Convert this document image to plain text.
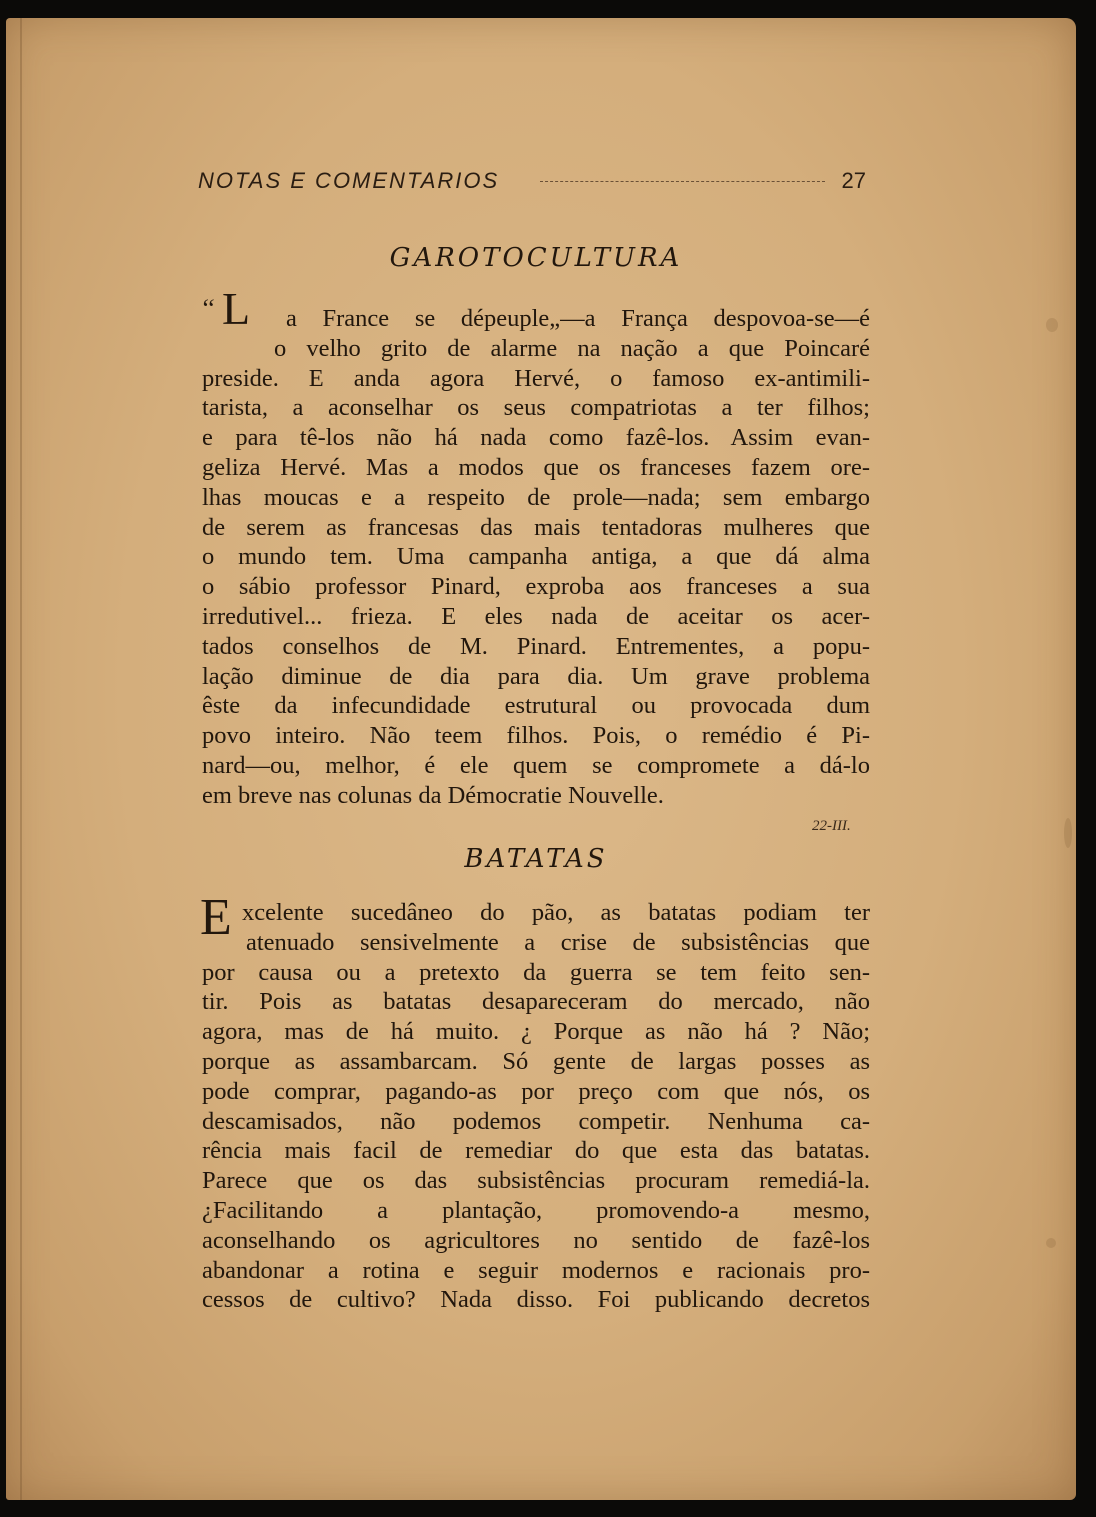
NOTAS E COMENTARIOS	27
GAROTOCULTURA
L
‘‘	a France se dépeuple„—a França despovoa-se—é
o velho grito de alarme na nação a que Poincaré
preside. E anda agora Hervé, o famoso ex-antimili-
tarista, a aconselhar os seus compatriotas a ter filhos;
e para tê-los não há nada como fazê-los. Assim evan-
geliza Hervé. Mas a modos que os franceses fazem ore-
lhas moucas e a respeito de prole—nada; sem embargo
de serem as francesas das mais tentadoras mulheres que
o mundo tem. Uma campanha antiga, a que dá alma
o sábio professor Pinard, exproba aos franceses a sua
irredutivel... frieza. E eles nada de aceitar os acer-
tados conselhos de M. Pinard. Entrementes, a popu-
lação diminue de dia para dia. Um grave problema
êste da infecundidade estrutural ou provocada dum
povo inteiro. Não teem filhos. Pois, o remédio é Pi-
nard—ou, melhor, é ele quem se compromete a dá-lo
em breve nas colunas da Démocratie Nouvelle.
22-III.
BATATAS
E xcelente sucedâneo do pão, as batatas podiam ter
atenuado sensivelmente a crise de subsistências que
por causa ou a pretexto da guerra se tem feito sen-
tir. Pois as batatas desapareceram do mercado, não
agora, mas de há muito. ¿ Porque as não há ? Não;
porque as assambarcam. Só gente de largas posses as
pode comprar, pagando-as por preço com que nós, os
descamisados, não podemos competir. Nenhuma ca-
rência mais facil de remediar do que esta das batatas.
Parece que os das subsistências procuram remediá-la.
¿Facilitando a plantação, promovendo-a mesmo,
aconselhando os agricultores no sentido de fazê-los
abandonar a rotina e seguir modernos e racionais pro-
cessos de cultivo? Nada disso. Foi publicando decretos
